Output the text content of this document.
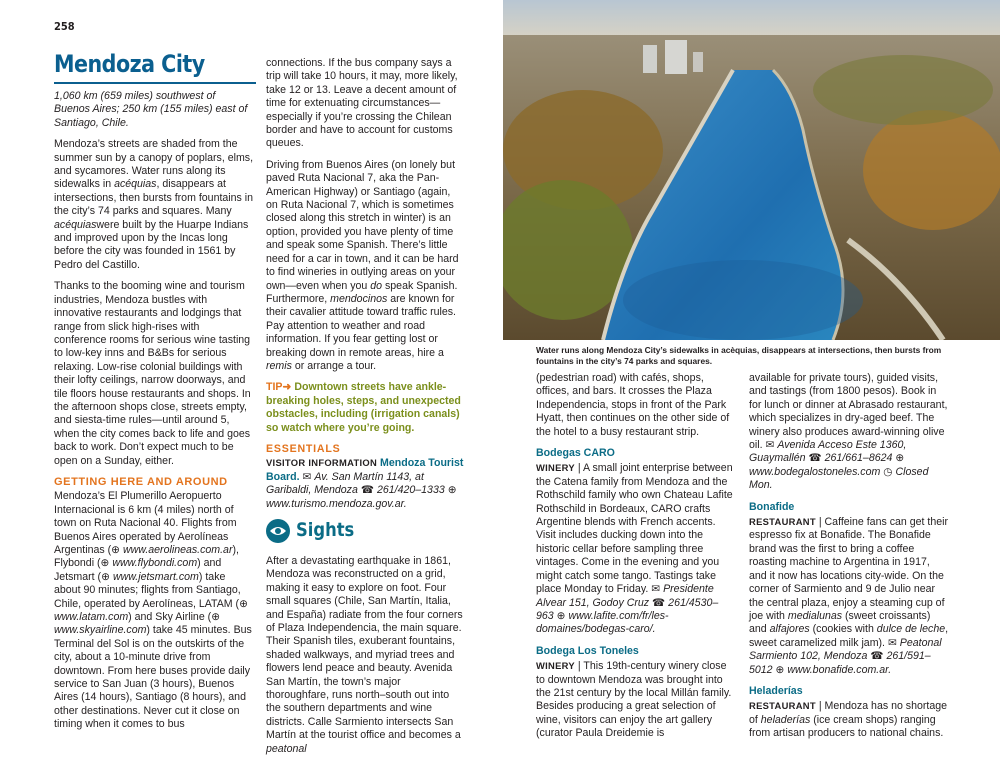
258
Mendoza City

1,060 km (659 miles) southwest of Buenos Aires; 250 km (155 miles) east of Santiago, Chile.

Mendoza’s streets are shaded from the summer sun by a canopy of poplars, elms, and sycamores. Water runs along its sidewalks in acéquias, disappears at intersections, then bursts from fountains in the city’s 74 parks and squares. Many acéquiaswere built by the Huarpe Indians and improved upon by the Incas long before the city was founded in 1561 by Pedro del Castillo.

Thanks to the booming wine and tourism industries, Mendoza bustles with innovative restaurants and lodgings that range from slick high-rises with conference rooms for serious wine tasting to low-key inns and B&Bs for serious relaxing. Low-rise colonial buildings with their lofty ceilings, narrow doorways, and tile floors house restaurants and shops. In the afternoon shops close, streets empty, and siesta-time rules—until around 5, when the city comes back to life and goes back to work. Don’t expect much to be open on a Sunday, either.

GETTING HERE AND AROUND

Mendoza’s El Plumerillo Aeropuerto Internacional is 6 km (4 miles) north of town on Ruta Nacional 40. Flights from Buenos Aires operated by Aerolíneas Argentinas (⊕ www.aerolineas.com.ar), Flybondi (⊕ www.flybondi.com) and Jetsmart (⊕ www.jetsmart.com) take about 90 minutes; flights from Santiago, Chile, operated by Aerolíneas, LATAM (⊕ www.latam.com) and Sky Airline (⊕ www.skyairline.com) take 45 minutes. Bus Terminal del Sol is on the outskirts of the city, about a 10-minute drive from downtown. From here buses provide daily service to San Juan (3 hours), Buenos Aires (14 hours), Santiago (8 hours), and other destinations. Never cut it close on timing when it comes to bus

connections. If the bus company says a trip will take 10 hours, it may, more likely, take 12 or 13. Leave a decent amount of time for extenuating circumstances—especially if you’re crossing the Chilean border and have to account for customs queues.

Driving from Buenos Aires (on lonely but paved Ruta Nacional 7, aka the Pan-American Highway) or Santiago (again, on Ruta Nacional 7, which is sometimes closed along this stretch in winter) is an option, provided you have plenty of time and speak some Spanish. There’s little need for a car in town, and it can be hard to find wineries in outlying areas on your own—even when you do speak Spanish. Furthermore, mendocinos are known for their cavalier attitude toward traffic rules. Pay attention to weather and road information. If you fear getting lost or breaking down in remote areas, hire a remis or arrange a tour.

TIP➜ Downtown streets have ankle-breaking holes, steps, and unexpected obstacles, including (irrigation canals) so watch where you’re going.
ESSENTIALS

VISITOR INFORMATION Mendoza Tourist Board. ✉ Av. San Martín 1143, at Garibaldi, Mendoza ☎ 261/420–1333 ⊕ www.turismo.mendoza.gov.ar.

Sights

After a devastating earthquake in 1861, Mendoza was reconstructed on a grid, making it easy to explore on foot. Four small squares (Chile, San Martín, Italia, and España) radiate from the four corners of Plaza Independencia, the main square. Their Spanish tiles, exuberant fountains, shaded walkways, and myriad trees and flowers lend peace and beauty. Avenida San Martín, the town’s major thoroughfare, runs north–south out into the southern departments and wine districts. Calle Sarmiento intersects San Martín at the tourist office and becomes a peatonal

Water runs along Mendoza City’s sidewalks in acèquias, disappears at intersections, then bursts from fountains in the city’s 74 parks and squares.

(pedestrian road) with cafés, shops, offices, and bars. It crosses the Plaza Independencia, stops in front of the Park Hyatt, then continues on the other side of the hotel to a busy restaurant strip.

Bodegas CARO

WINERY | A small joint enterprise between the Catena family from Mendoza and the Rothschild family who own Chateau Lafite Rothschild in Bordeaux, CARO crafts Argentine blends with French accents. Visit includes ducking down into the historic cellar before sampling three vintages. Come in the evening and you might catch some tango. Tastings take place Monday to Friday. ✉ Presidente Alvear 151, Godoy Cruz ☎ 261/4530–963 ⊕ www.lafite.com/fr/les-domaines/bodegas-caro/.

Bodega Los Toneles

WINERY | This 19th-century winery close to downtown Mendoza was brought into the 21st century by the local Millán family. Besides producing a great selection of wine, visitors can enjoy the art gallery (curator Paula Dreidemie is

available for private tours), guided visits, and tastings (from 1800 pesos). Book in for lunch or dinner at Abrasado restaurant, which specializes in dry-aged beef. The winery also produces award-winning olive oil. ✉ Avenida Acceso Este 1360, Guaymallén ☎ 261/661–8624 ⊕ www.bodegalostoneles.com ◷ Closed Mon.

Bonafide

RESTAURANT | Caffeine fans can get their espresso fix at Bonafide. The Bonafide brand was the first to bring a coffee roasting machine to Argentina in 1917, and it now has locations city-wide. On the corner of Sarmiento and 9 de Julio near the central plaza, enjoy a steaming cup of joe with medialunas (sweet croissants) and alfajores (cookies with dulce de leche, sweet caramelized milk jam). ✉ Peatonal Sarmiento 102, Mendoza ☎ 261/591–5012 ⊕ www.bonafide.com.ar.

Heladerías

RESTAURANT | Mendoza has no shortage of heladerías (ice cream shops) ranging from artisan producers to national chains.
